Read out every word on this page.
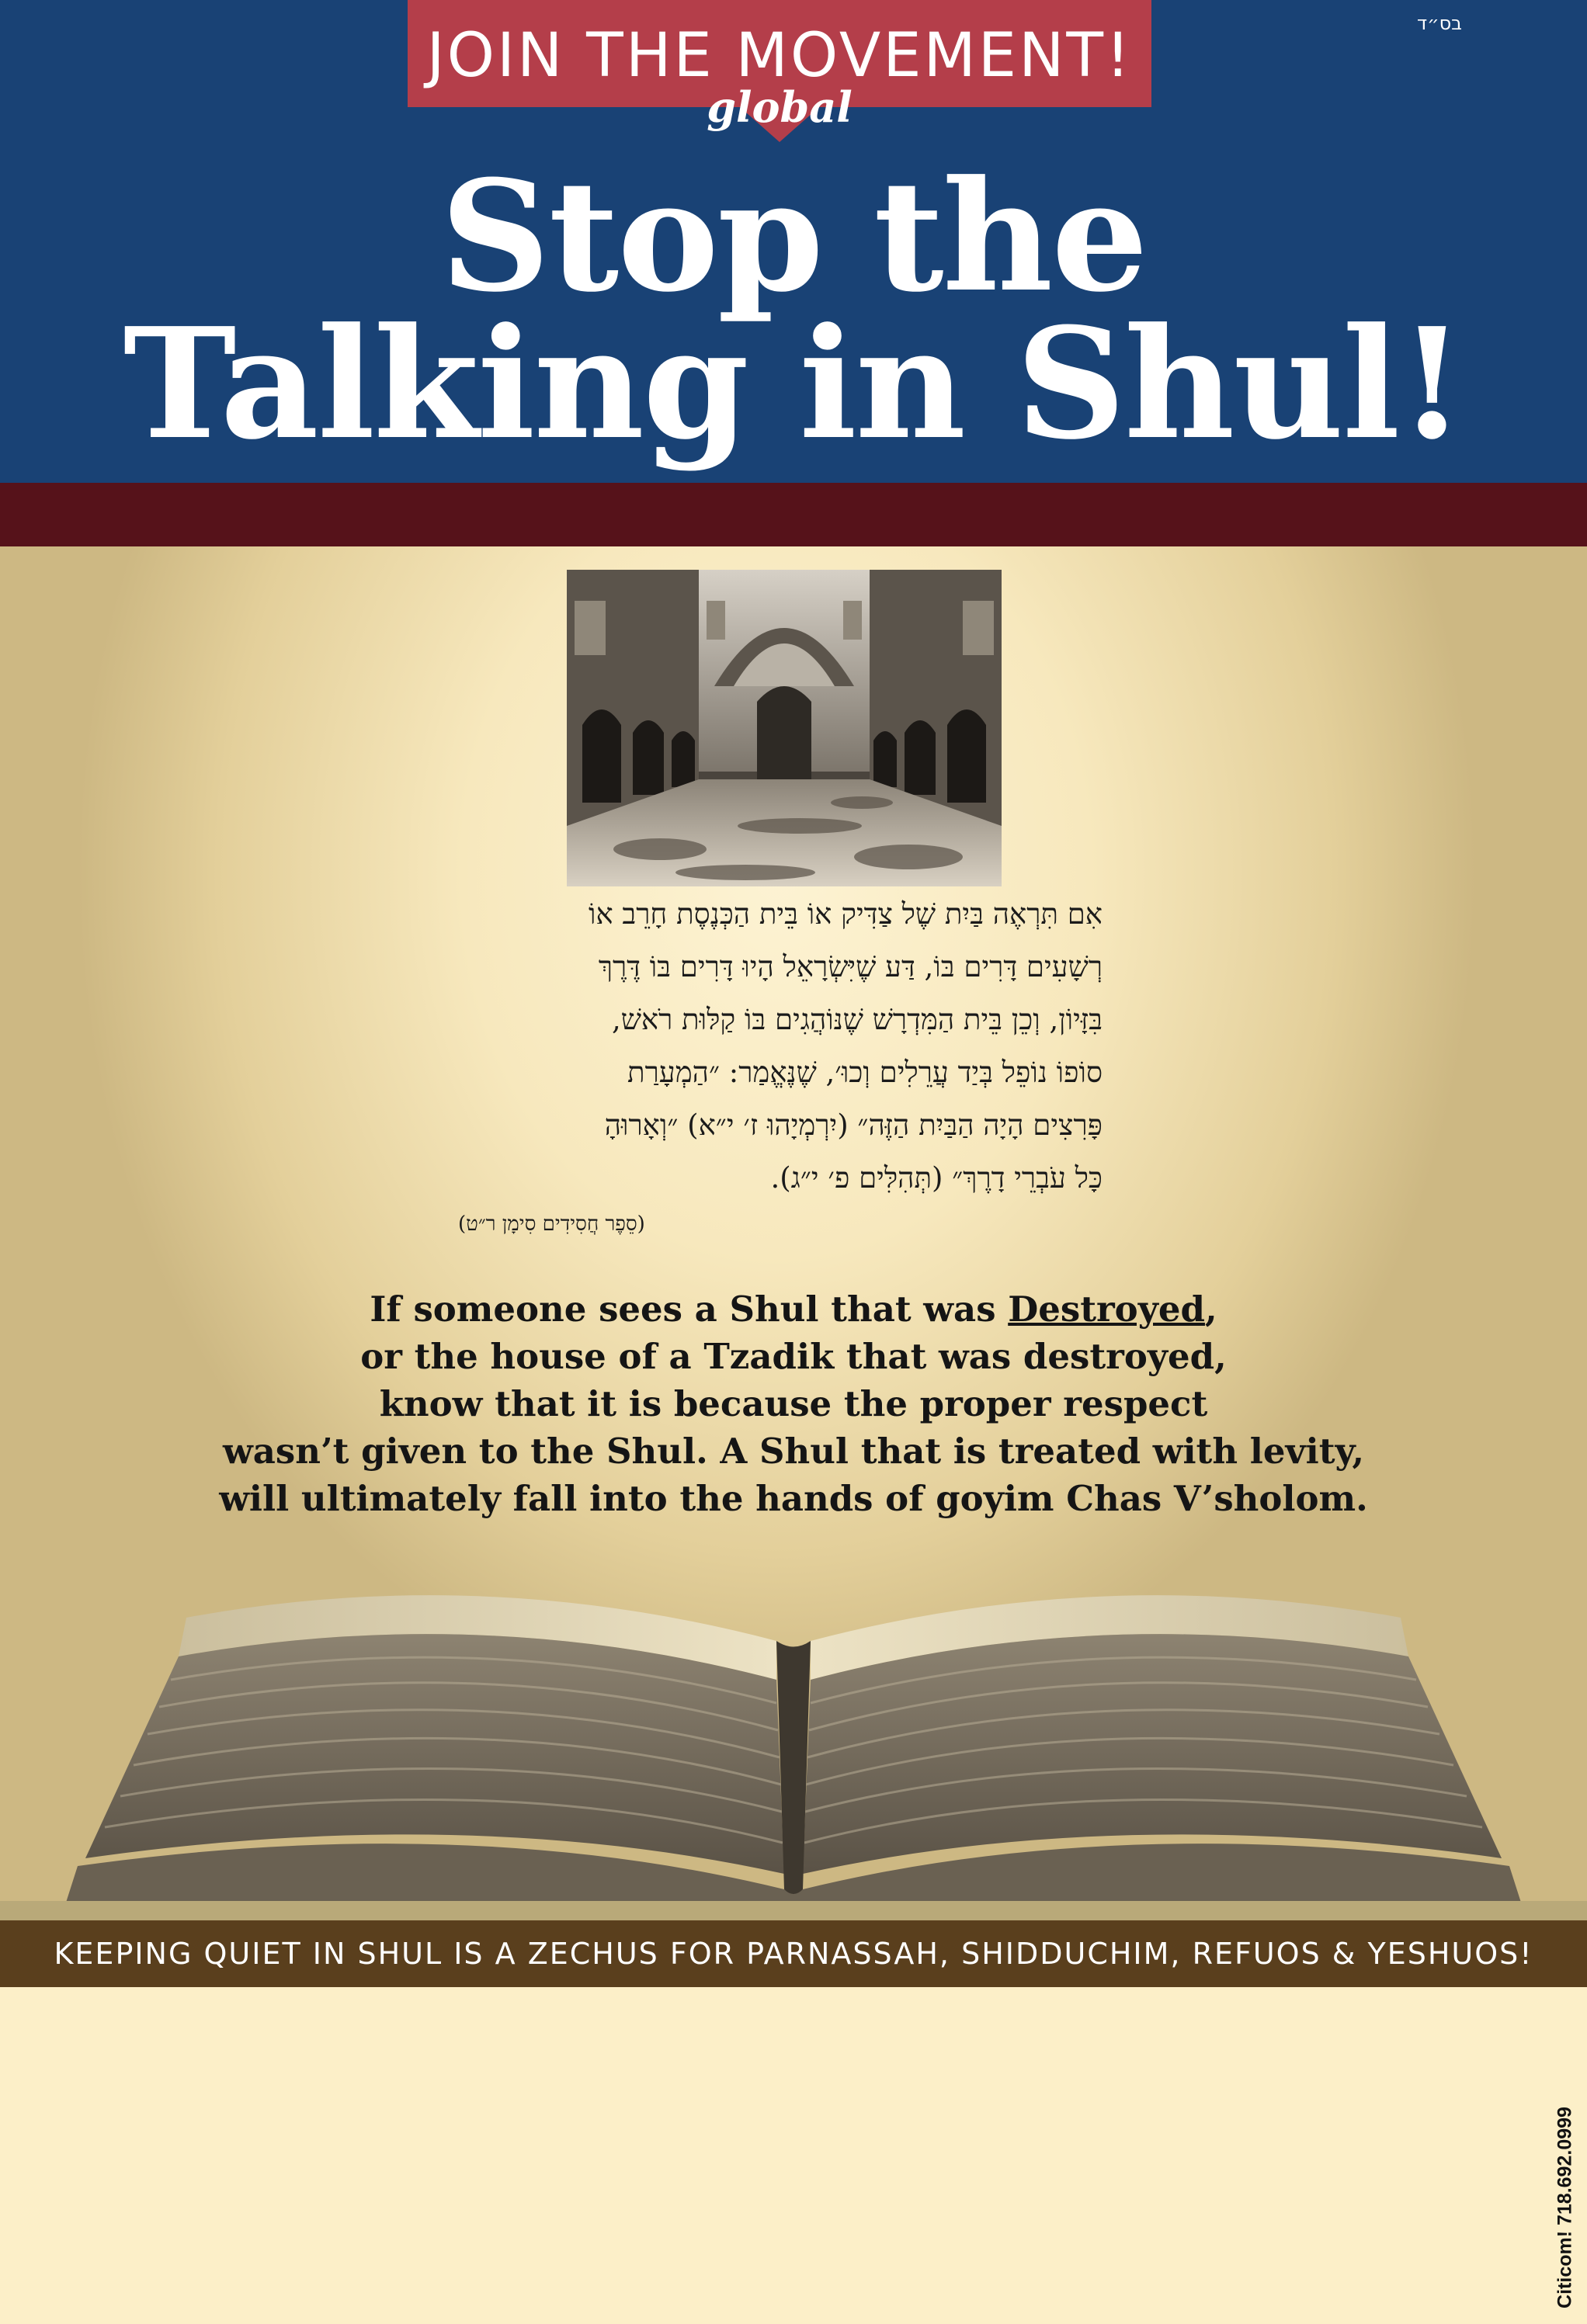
JOIN THE MOVEMENT!
global
בס״ד
Stop the
Talking in Shul!
אִם תִּרְאֶה בַּיִת שֶׁל צַדִּיק אוֹ בֵּית הַכְּנֶסֶת חָרֵב אוֹ
רְשָׁעִים דָּרִים בּוֹ, דַּע שֶׁיִּשְׂרָאֵל הָיוּ דָּרִים בּוֹ דֶּרֶךְ
בִּזָּיוֹן, וְכֵן בֵּית הַמִּדְרָשׁ שֶׁנּוֹהֲגִים בּוֹ קַלּוּת רֹאשׁ,
סוֹפוֹ נוֹפֵל בְּיַד עֲרֵלִים וְכוּ׳, שֶׁנֶּאֱמַר: ״הַמְעָרַת
פָּרִצִים הָיָה הַבַּיִת הַזֶּה״ (יִרְמְיָהוּ ז׳ י״א) ״וְאָרוּהָ
כָּל עֹבְרֵי דָרֶךְ״ (תְּהִלִּים פ׳ י״ג).
(סֵפֶר חֲסִידִים סִימָן ר״ט)
If someone sees a Shul that was Destroyed,
or the house of a Tzadik that was destroyed,
know that it is because the proper respect
wasn’t given to the Shul. A Shul that is treated with levity,
will ultimately fall into the hands of goyim Chas V’sholom.
Citicom! 718.692.0999
KEEPING QUIET IN SHUL IS A ZECHUS FOR PARNASSAH, SHIDDUCHIM, REFUOS & YESHUOS!
